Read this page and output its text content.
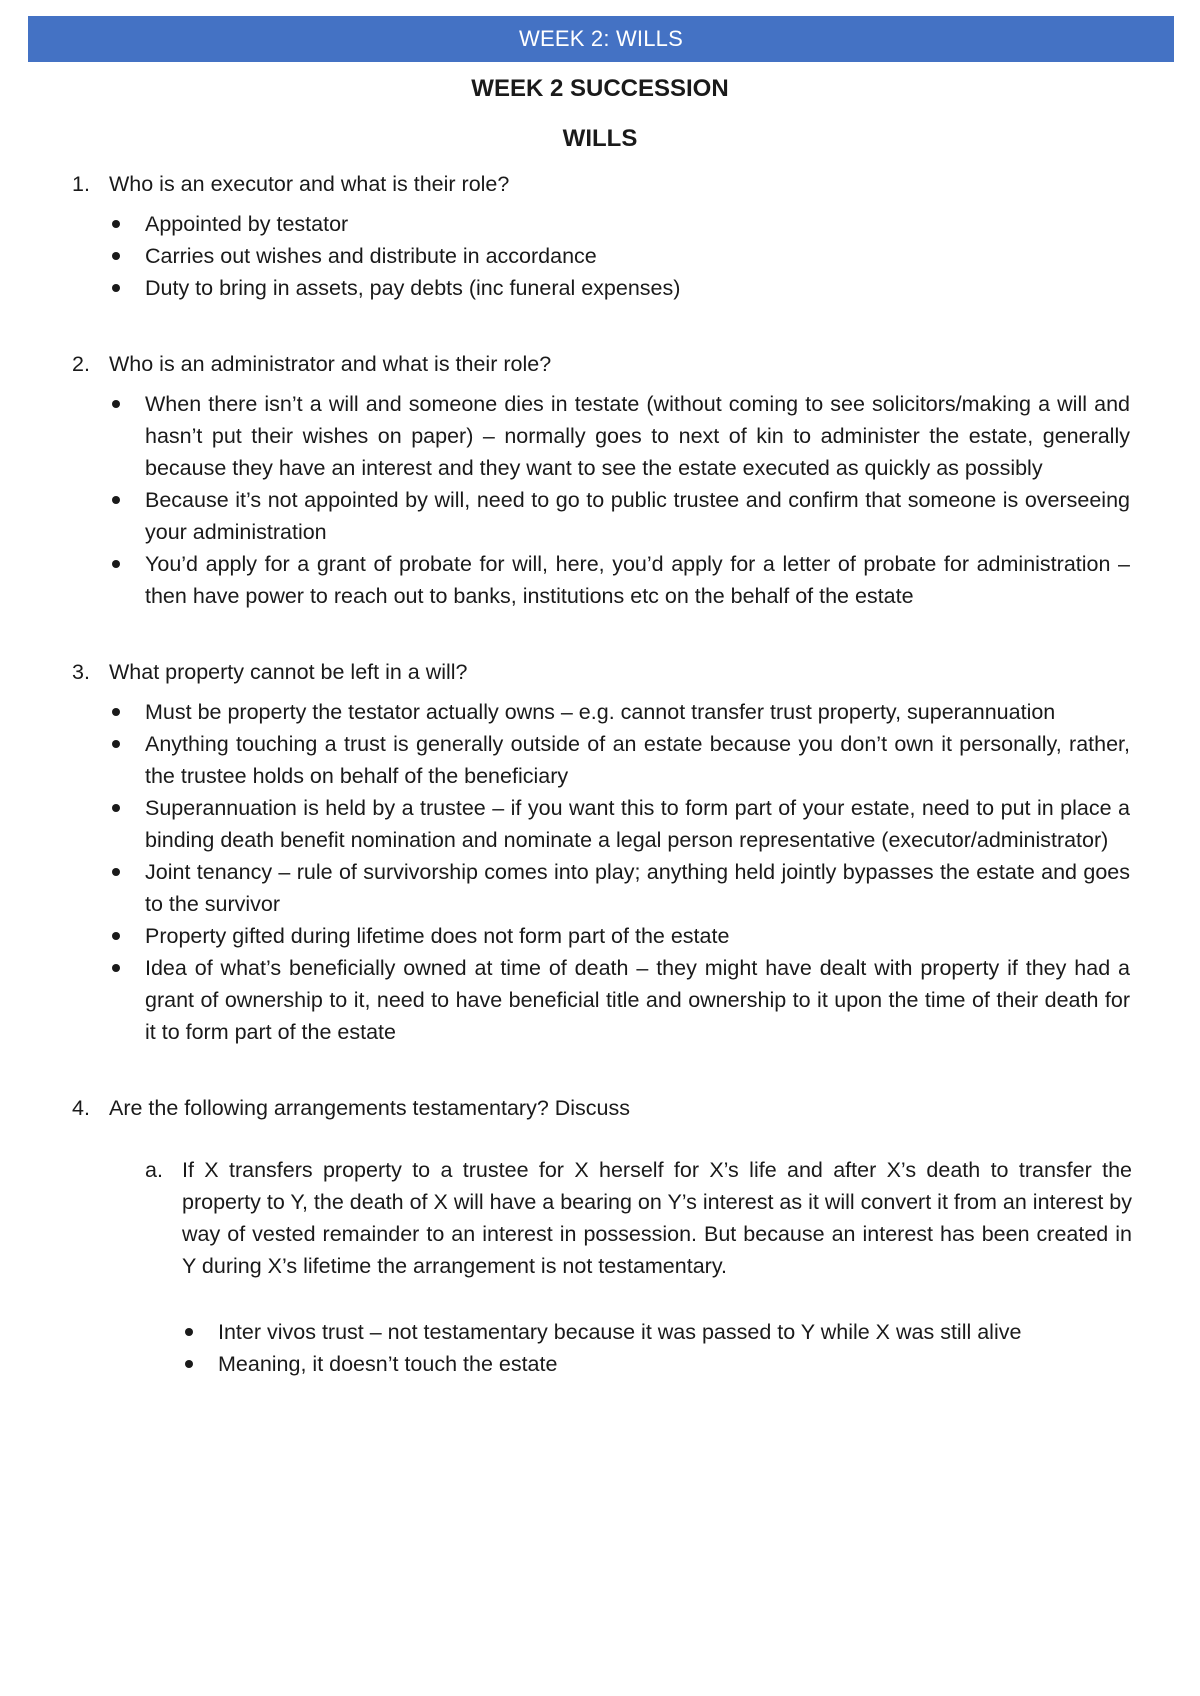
WEEK 2: WILLS
WEEK 2 SUCCESSION
WILLS
1. Who is an executor and what is their role?
Appointed by testator
Carries out wishes and distribute in accordance
Duty to bring in assets, pay debts (inc funeral expenses)
2. Who is an administrator and what is their role?
When there isn’t a will and someone dies in testate (without coming to see solicitors/making a will and hasn’t put their wishes on paper) – normally goes to next of kin to administer the estate, generally because they have an interest and they want to see the estate executed as quickly as possibly
Because it’s not appointed by will, need to go to public trustee and confirm that someone is overseeing your administration
You’d apply for a grant of probate for will, here, you’d apply for a letter of probate for administration – then have power to reach out to banks, institutions etc on the behalf of the estate
3. What property cannot be left in a will?
Must be property the testator actually owns – e.g. cannot transfer trust property, superannuation
Anything touching a trust is generally outside of an estate because you don’t own it personally, rather, the trustee holds on behalf of the beneficiary
Superannuation is held by a trustee – if you want this to form part of your estate, need to put in place a binding death benefit nomination and nominate a legal person representative (executor/administrator)
Joint tenancy – rule of survivorship comes into play; anything held jointly bypasses the estate and goes to the survivor
Property gifted during lifetime does not form part of the estate
Idea of what’s beneficially owned at time of death – they might have dealt with property if they had a grant of ownership to it, need to have beneficial title and ownership to it upon the time of their death for it to form part of the estate
4. Are the following arrangements testamentary? Discuss
a. If X transfers property to a trustee for X herself for X’s life and after X’s death to transfer the property to Y, the death of X will have a bearing on Y’s interest as it will convert it from an interest by way of vested remainder to an interest in possession. But because an interest has been created in Y during X’s lifetime the arrangement is not testamentary.
Inter vivos trust – not testamentary because it was passed to Y while X was still alive
Meaning, it doesn’t touch the estate
